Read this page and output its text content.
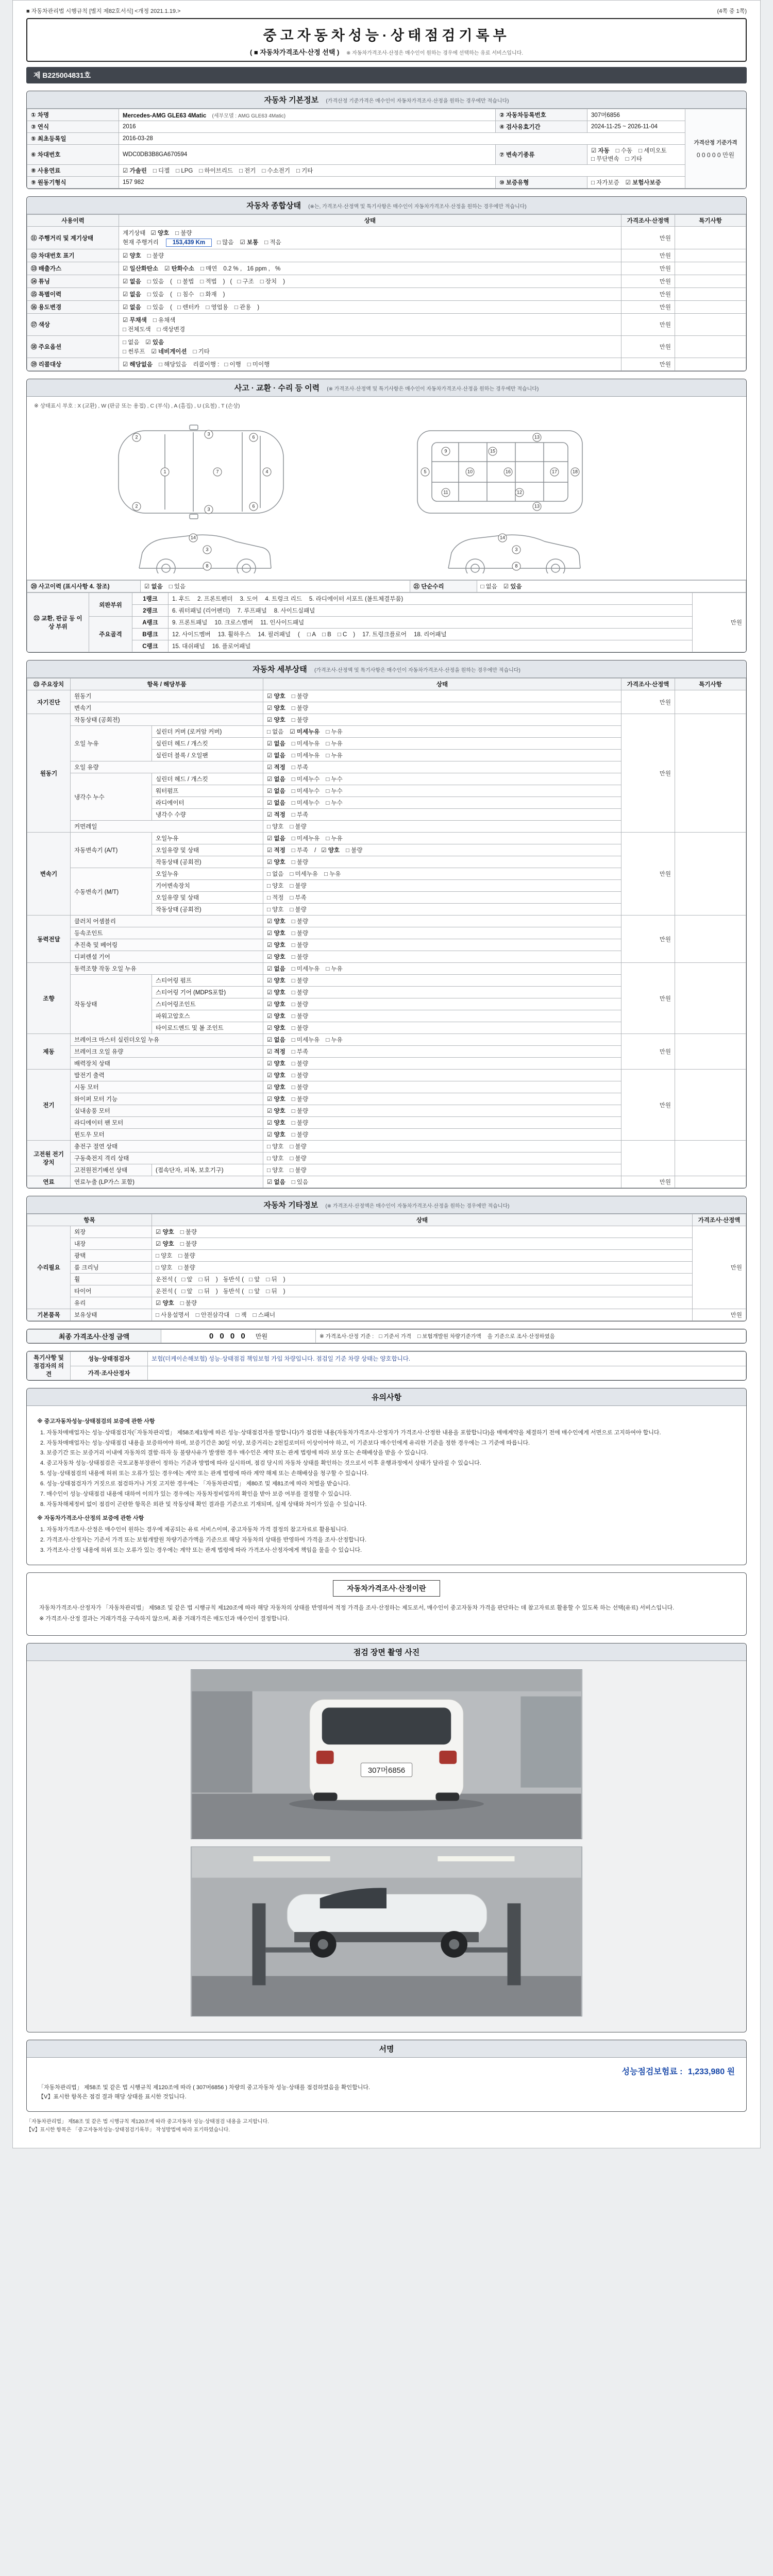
■ 자동차관리법 시행규칙 [별지 제82호서식] <개정 2021.1.19.>	(4쪽 중 1쪽)
중고자동차성능·상태점검기록부
( ■ 자동차가격조사·산정 선택 ) ※ 자동차가격조사·산정은 매수인이 원하는 경우에 선택하는 유료 서비스입니다.
제 B225004831호
자동차 기본정보 (가격산정 기준가격은 매수인이 자동차가격조사·산정을 원하는 경우에만 적습니다)
① 차명	Mercedes-AMG GLE63 4Matic (세부모델 : AMG GLE63 4Matic)	② 자동차등록번호	307머6856	가격산정 기준가격
0 0 0 0 0 만원

③ 연식	2016	④ 검사유효기간	2024-11-25 ~ 2026-11-04	
⑤ 최초등록일	2016-03-28			
⑥ 차대번호	WDC0DB3B8GA670594	⑦ 변속기종류	☑ 자동 □ 수동 □ 세미오토□ 무단변속 □ 기타	
⑧ 사용연료	☑ 가솔린 □ 디젤 □ LPG □ 하이브리드 □ 전기 □ 수소전기 □ 기타			
⑨ 원동기형식	157 982	⑩ 보증유형	□ 자가보증 ☑ 보험사보증	
자동차 종합상태 (※는, 가격조사·산정액 및 특기사항은 매수인이 자동차가격조사·산정을 원하는 경우에만 적습니다)
사용이력	상태	가격조사·산정액	특기사항
⑪ 주행거리 및 계기상태	계기상태 ☑ 양호 □ 불량
현재 주행거리 153,439 Km □ 많음 ☑ 보통 □ 적음	만원	
⑫ 차대번호 표기	☑ 양호 □ 불량	만원	
⑬ 배출가스	☑ 일산화탄소 ☑ 탄화수소 □ 매연 0.2 % , 16 ppm , %	만원	
⑭ 튜닝	☑ 없음 □ 있음 ( □ 불법 □ 적법 ) ( □ 구조 □ 장치 )	만원	
⑮ 특별이력	☑ 없음 □ 있음 ( □ 침수 □ 화재 )	만원	
⑯ 용도변경	☑ 없음 □ 있음 ( □ 렌터카 □ 영업용 □ 관용 )	만원	
⑰ 색상	☑ 무채색 □ 유채색
□ 전체도색 □ 색상변경	만원	
⑱ 주요옵션	□ 없음 ☑ 있음
□ 썬루프 ☑ 네비게이션 □ 기타	만원	
⑲ 리콜대상	☑ 해당없음 □ 해당있음 리콜이행 : □ 이행 □ 미이행	만원	
사고 · 교환 · 수리 등 이력 (※ 가격조사·산정액 및 특기사항은 매수인이 자동차가격조사·산정을 원하는 경우에만 적습니다)
※ 상태표시 부호 : X (교환) , W (판금 또는 용접) , C (부식) , A (흠집) , U (요철) , T (손상)
1
2
2
3
3
7
6
6
4	5
9
11
10
15
16
12
13
13
17	18
14
3
8
14
3
8
⑳ 사고이력 (표시사항 4. 참조)	☑ 없음 □ 있음	㉑ 단순수리	□ 없음 ☑ 있음
㉒ 교환, 판금 등 이상 부위	외판부위	1랭크	1. 후드 2. 프론트펜더 3. 도어 4. 트렁크 리드 5. 라디에이터 서포트 (볼트체결부품)	만원
		2랭크	6. 쿼터패널 (리어펜더) 7. 루프패널 8. 사이드실패널	
	주요골격	A랭크	9. 프론트패널 10. 크로스멤버 11. 인사이드패널	
		B랭크	12. 사이드멤버 13. 휠하우스 14. 필러패널 ( □ A □ B □ C ) 17. 트렁크플로어 18. 리어패널	
		C랭크	15. 대쉬패널 16. 플로어패널	
자동차 세부상태 (가격조사·산정액 및 특기사항은 매수인이 자동차가격조사·산정을 원하는 경우에만 적습니다)
㉓ 주요장치	항목 / 해당부품		상태	가격조사·산정액	특기사항
자기진단	원동기		☑ 양호 □ 불량	만원	
	변속기		☑ 양호 □ 불량		
원동기	작동상태 (공회전)		☑ 양호 □ 불량	만원	
	오일 누유	실린더 커버 (로커암 커버)	□ 없음 ☑ 미세누유 □ 누유		
		실린더 헤드 / 개스킷	☑ 없음 □ 미세누유 □ 누유		
		실린더 블록 / 오일팬	☑ 없음 □ 미세누유 □ 누유		
	오일 유량		☑ 적정 □ 부족		
	냉각수 누수	실린더 헤드 / 개스킷	☑ 없음 □ 미세누수 □ 누수		
		워터펌프	☑ 없음 □ 미세누수 □ 누수		
		라디에이터	☑ 없음 □ 미세누수 □ 누수		
		냉각수 수량	☑ 적정 □ 부족		
	커먼레일		□ 양호 □ 불량		
변속기	자동변속기 (A/T)	오일누유	☑ 없음 □ 미세누유 □ 누유	만원	
		오일유량 및 상태	☑ 적정 □ 부족 / ☑ 양호 □ 불량		
		작동상태 (공회전)	☑ 양호 □ 불량		
	수동변속기 (M/T)	오일누유	□ 없음 □ 미세누유 □ 누유		
		기어변속장치	□ 양호 □ 불량		
		오일유량 및 상태	□ 적정 □ 부족		
		작동상태 (공회전)	□ 양호 □ 불량		
동력전달	클러치 어셈블리		☑ 양호 □ 불량	만원	
	등속조인트		☑ 양호 □ 불량		
	추진축 및 베어링		☑ 양호 □ 불량		
	디퍼렌셜 기어		☑ 양호 □ 불량		
조향	동력조향 작동 오일 누유		☑ 없음 □ 미세누유 □ 누유	만원	
	작동상태	스티어링 펌프	☑ 양호 □ 불량		
		스티어링 기어 (MDPS포함)	☑ 양호 □ 불량		
		스티어링조인트	☑ 양호 □ 불량		
		파워고압호스	☑ 양호 □ 불량		
		타이로드엔드 및 볼 조인트	☑ 양호 □ 불량		
제동	브레이크 마스터 실린더오일 누유		☑ 없음 □ 미세누유 □ 누유	만원	
	브레이크 오일 유량		☑ 적정 □ 부족		
	배력장치 상태		☑ 양호 □ 불량		
전기	발전기 출력		☑ 양호 □ 불량	만원	
	시동 모터		☑ 양호 □ 불량		
	와이퍼 모터 기능		☑ 양호 □ 불량		
	실내송풍 모터		☑ 양호 □ 불량		
	라디에이터 팬 모터		☑ 양호 □ 불량		
	윈도우 모터		☑ 양호 □ 불량		
고전원 전기장치	충전구 절연 상태		□ 양호 □ 불량		
	구동축전지 격리 상태		□ 양호 □ 불량		
	고전원전기배선 상태	(접속단자, 피복, 보호기구)	□ 양호 □ 불량		
연료	연료누출 (LP가스 포함)		☑ 없음 □ 있음	만원	
자동차 기타정보 (※ 가격조사·산정액은 매수인이 자동차가격조사·산정을 원하는 경우에만 적습니다)
항목		상태	가격조사·산정액
수리필요	외장	☑ 양호 □ 불량	만원
	내장	☑ 양호 □ 불량	
	광택	□ 양호 □ 불량	
	룸 크리닝	□ 양호 □ 불량	
	휠	운전석 ( □ 앞 □ 뒤 ) 동반석 ( □ 앞 □ 뒤 )	
	타이어	운전석 ( □ 앞 □ 뒤 ) 동반석 ( □ 앞 □ 뒤 )	
	유리	☑ 양호 □ 불량	
기본품목	보유상태	□ 사용설명서 □ 안전삼각대 □ 잭 □ 스패너	만원
최종 가격조사·산정 금액	0 0 0 0 만원	※ 가격조사·산정 기준 : □ 기준서 가격 □ 보험개발원 차량기준가액 을 기준으로 조사·산정하였음
특기사항 및 점검자의 의견	성능·상태점검자	보험(더케이손해보험) 성능·상태점검 책임보험 가입 차량입니다. 점검일 기준 차량 상태는 양호합니다.
	가격·조사산정자	
유의사항
※ 중고자동차성능·상태점검의 보증에 관한 사항
1. 자동차매매업자는 성능·상태점검자(「자동차관리법」 제58조제1항에 따른 성능·상태점검자를 말합니다)가 점검한 내용(자동차가격조사·산정자가 가격조사·산정한 내용을 포함합니다)을 매매계약을 체결하기 전에 매수인에게 서면으로 고지하여야 합니다.
2. 자동차매매업자는 성능·상태점검 내용을 보증하여야 하며, 보증기간은 30일 이상, 보증거리는 2천킬로미터 이상이어야 하고, 이 기준보다 매수인에게 유리한 기준을 정한 경우에는 그 기준에 따릅니다.
3. 보증기간 또는 보증거리 이내에 자동차의 결함·하자 등 불량사유가 발생한 경우 매수인은 계약 또는 관계 법령에 따라 보상 또는 손해배상을 받을 수 있습니다.
4. 중고자동차 성능·상태점검은 국토교통부장관이 정하는 기준과 방법에 따라 실시하며, 점검 당시의 자동차 상태를 확인하는 것으로서 이후 운행과정에서 상태가 달라질 수 있습니다.
5. 성능·상태점검의 내용에 허위 또는 오류가 있는 경우에는 계약 또는 관계 법령에 따라 계약 해제 또는 손해배상을 청구할 수 있습니다.
6. 성능·상태점검자가 거짓으로 점검하거나 거짓 고지한 경우에는 「자동차관리법」 제80조 및 제81조에 따라 처벌을 받습니다.
7. 매수인이 성능·상태점검 내용에 대하여 이의가 있는 경우에는 자동차정비업자의 확인을 받아 보증 여부를 결정할 수 있습니다.
8. 자동차해체정비 없이 점검이 곤란한 항목은 외관 및 작동상태 확인 결과를 기준으로 기재되며, 실제 상태와 차이가 있을 수 있습니다.
※ 자동차가격조사·산정의 보증에 관한 사항
1. 자동차가격조사·산정은 매수인이 원하는 경우에 제공되는 유료 서비스이며, 중고자동차 가격 결정의 참고자료로 활용됩니다.
2. 가격조사·산정자는 기준서 가격 또는 보험개발원 차량기준가액을 기준으로 해당 자동차의 상태를 반영하여 가격을 조사·산정합니다.
3. 가격조사·산정 내용에 허위 또는 오류가 있는 경우에는 계약 또는 관계 법령에 따라 가격조사·산정자에게 책임을 물을 수 있습니다.
자동차가격조사·산정이란
자동차가격조사·산정자가 「자동차관리법」 제58조 및 같은 법 시행규칙 제120조에 따라 해당 자동차의 상태를 반영하여 적정 가격을 조사·산정하는 제도로서, 매수인이 중고자동차 가격을 판단하는 데 참고자료로 활용할 수 있도록 하는 선택(유료) 서비스입니다.
※ 가격조사·산정 결과는 거래가격을 구속하지 않으며, 최종 거래가격은 매도인과 매수인이 결정합니다.
점검 장면 촬영 사진
307머6856
서명
성능점검보험료 : 1,233,980 원
「자동차관리법」 제58조 및 같은 법 시행규칙 제120조에 따라 ( 307머6856 ) 차량의 중고자동차 성능·상태를 점검하였음을 확인합니다.
【V】표시한 항목은 점검 결과 해당 상태를 표시한 것입니다.
「자동차관리법」 제58조 및 같은 법 시행규칙 제120조에 따라 중고자동차 성능·상태점검 내용을 고지합니다.
【V】표시한 항목은 「중고자동차성능·상태점검기록부」 작성방법에 따라 표기하였습니다.
